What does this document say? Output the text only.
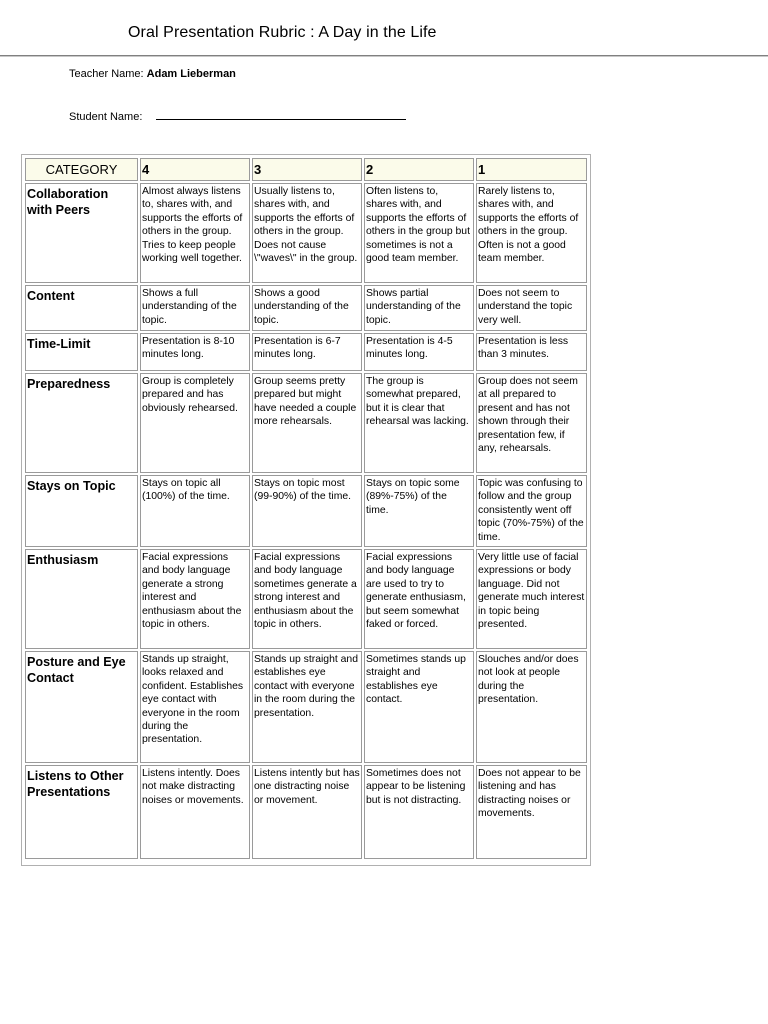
Oral Presentation Rubric : A Day in the Life
Teacher Name: Adam Lieberman
Student Name:
CATEGORY	4	3	2	1
Collaboration with Peers	Almost always listens to, shares with, and supports the efforts of others in the group. Tries to keep people working well together.	Usually listens to, shares with, and supports the efforts of others in the group. Does not cause \"waves\" in the group.	Often listens to, shares with, and supports the efforts of others in the group but sometimes is not a good team member.	Rarely listens to, shares with, and supports the efforts of others in the group. Often is not a good team member.
Content	Shows a full understanding of the topic.	Shows a good understanding of the topic.	Shows partial understanding of the topic.	Does not seem to understand the topic very well.
Time-Limit	Presentation is 8-10 minutes long.	Presentation is 6-7 minutes long.	Presentation is 4-5 minutes long.	Presentation is less than 3 minutes.
Preparedness	Group is completely prepared and has obviously rehearsed.	Group seems pretty prepared but might have needed a couple more rehearsals.	The group is somewhat prepared, but it is clear that rehearsal was lacking.	Group does not seem at all prepared to present and has not shown through their presentation few, if any, rehearsals.
Stays on Topic	Stays on topic all (100%) of the time.	Stays on topic most (99-90%) of the time.	Stays on topic some (89%-75%) of the time.	Topic was confusing to follow and the group consistently went off topic (70%-75%) of the time.
Enthusiasm	Facial expressions and body language generate a strong interest and enthusiasm about the topic in others.	Facial expressions and body language sometimes generate a strong interest and enthusiasm about the topic in others.	Facial expressions and body language are used to try to generate enthusiasm, but seem somewhat faked or forced.	Very little use of facial expressions or body language. Did not generate much interest in topic being presented.
Posture and Eye Contact	Stands up straight, looks relaxed and confident. Establishes eye contact with everyone in the room during the presentation.	Stands up straight and establishes eye contact with everyone in the room during the presentation.	Sometimes stands up straight and establishes eye contact.	Slouches and/or does not look at people during the presentation.
Listens to Other Presentations	Listens intently. Does not make distracting noises or movements.	Listens intently but has one distracting noise or movement.	Sometimes does not appear to be listening but is not distracting.	Does not appear to be listening and has distracting noises or movements.
